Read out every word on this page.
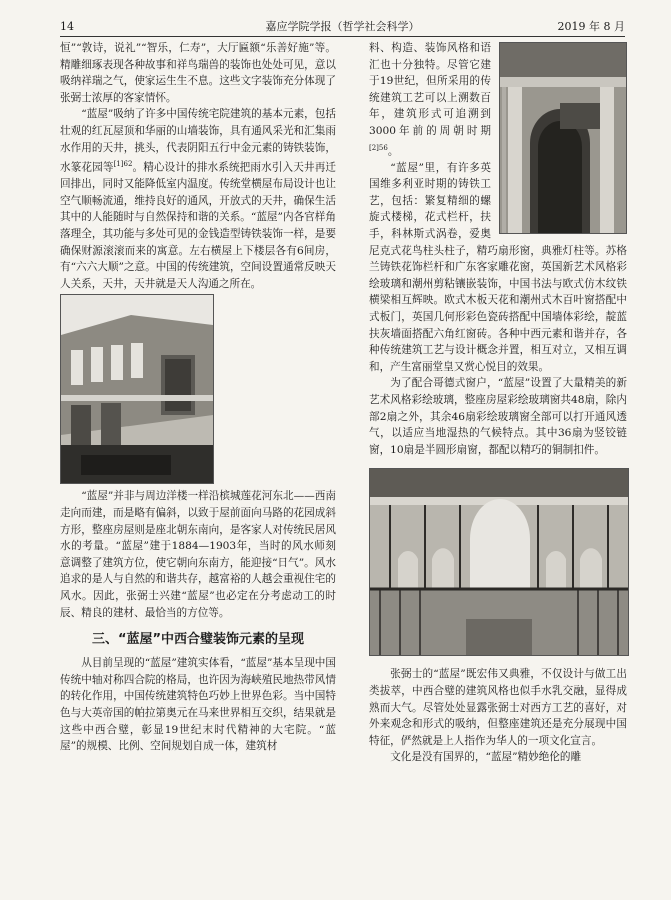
14	嘉应学院学报（哲学社会科学）	2019 年 8 月

恒”“敦诗，说礼”“智乐，仁寿”，大厅匾额“乐善好施”等。精雕细琢表现各种故事和祥鸟瑞兽的装饰也处处可见，意以吸纳祥瑞之气，使家运生生不息。这些文字装饰充分体现了张弼士浓厚的客家情怀。

“蓝屋”吸纳了许多中国传统宅院建筑的基本元素，包括壮观的红瓦屋顶和华丽的山墙装饰，具有通风采光和汇集雨水作用的天井，挑头，代表阴阳五行中金元素的铸铁装饰，水篆花园等$^{[1]62}$。精心设计的排水系统把雨水引入天井再迁回排出，同时又能降低室内温度。传统堂横屋布局设计也让空气顺畅流通，维持良好的通风，开放式的天井，确保生活其中的人能随时与自然保持和谐的关系。“蓝屋”内各官样角落理全，其功能与多处可见的金钱造型铸铁装饰一样，是要确保财源滚滚而来的寓意。左右横屋上下楼层各有6间房，有“六六大顺”之意。中国的传统建筑，空间设置通常反映天人关系，天井，天井就是天人沟通之所在。

“蓝屋”并非与周边洋楼一样沿槟城莲花河东北——西南走向而建，而是略有偏斜，以致于屋前面向马路的花园成斜方形，整座房屋则是座北朝东南向，是客家人对传统民居风水的考量。“蓝屋”建于1884—1903年，当时的风水师刻意调整了建筑方位，使它朝向东南方，能迎接“日气”。风水追求的是人与自然的和谐共存，越富裕的人越会重视住宅的风水。因此，张弼士兴建“蓝屋”也必定在分考虑动工的时辰、精良的建材、最恰当的方位等。

三、“蓝屋”中西合璧装饰元素的呈现

从目前呈现的“蓝屋”建筑实体看，“蓝屋”基本呈现中国传统中轴对称四合院的格局，也许因为海峡殖民地热带风情的转化作用，中国传统建筑特色巧妙上世界色彩。当中国特色与大英帝国的帕拉第奥元在马来世界相互交织，结果就是这些中西合璧，彰显19世纪末时代精神的大宅院。“蓝屋”的规模、比例、空间规划自成一体，建筑材

料、构造、装饰风格和语汇也十分独特。尽管它建于19世纪，但所采用的传统建筑工艺可以上溯数百年，建筑形式可追溯到3000年前的周朝时期$^{[2]56}$。

“蓝屋”里，有许多英国维多利亚时期的铸铁工艺，包括：繁复精细的螺旋式楼梯，花式栏杆，扶手，科林斯式涡卷，爱奥尼克式花鸟柱头柱子，精巧扇形窗，典雅灯柱等。苏格兰铸铁花饰栏杆和广东客家雕花窗，英国新艺术风格彩绘玻璃和潮州剪粘镶嵌装饰，中国书法与欧式仿木纹铁横梁相互辉映。欧式木板天花和潮州式木百叶窗搭配中式板门，英国几何形彩色瓷砖搭配中国墙体彩绘，靛蓝扶灰墙面搭配六角红窗砖。各种中西元素和谐并存，各种传统建筑工艺与设计概念并置，相互对立，又相互调和，产生富丽堂皇又赏心悦目的效果。

为了配合哥德式窗户，“蓝屋”设置了大量精美的新艺术风格彩绘玻璃，整座房屋彩绘玻璃窗共48扇，除内部2扇之外，其余46扇彩绘玻璃窗全部可以打开通风透气，以适应当地湿热的气候特点。其中36扇为竖铰链窗，10扇是半圆形扇窗，都配以精巧的铜制扣件。

张弼士的“蓝屋”既宏伟又典雅，不仅设计与做工出类拔萃，中西合璧的建筑风格也似手水乳交融，显得成熟而大气。尽管处处显露张弼士对西方工艺的喜好，对外来观念和形式的吸纳，但整座建筑还是充分展现中国特征，俨然就是上人指作为华人的一项文化宣言。

文化是没有国界的，“蓝屋”精妙绝伦的雕
